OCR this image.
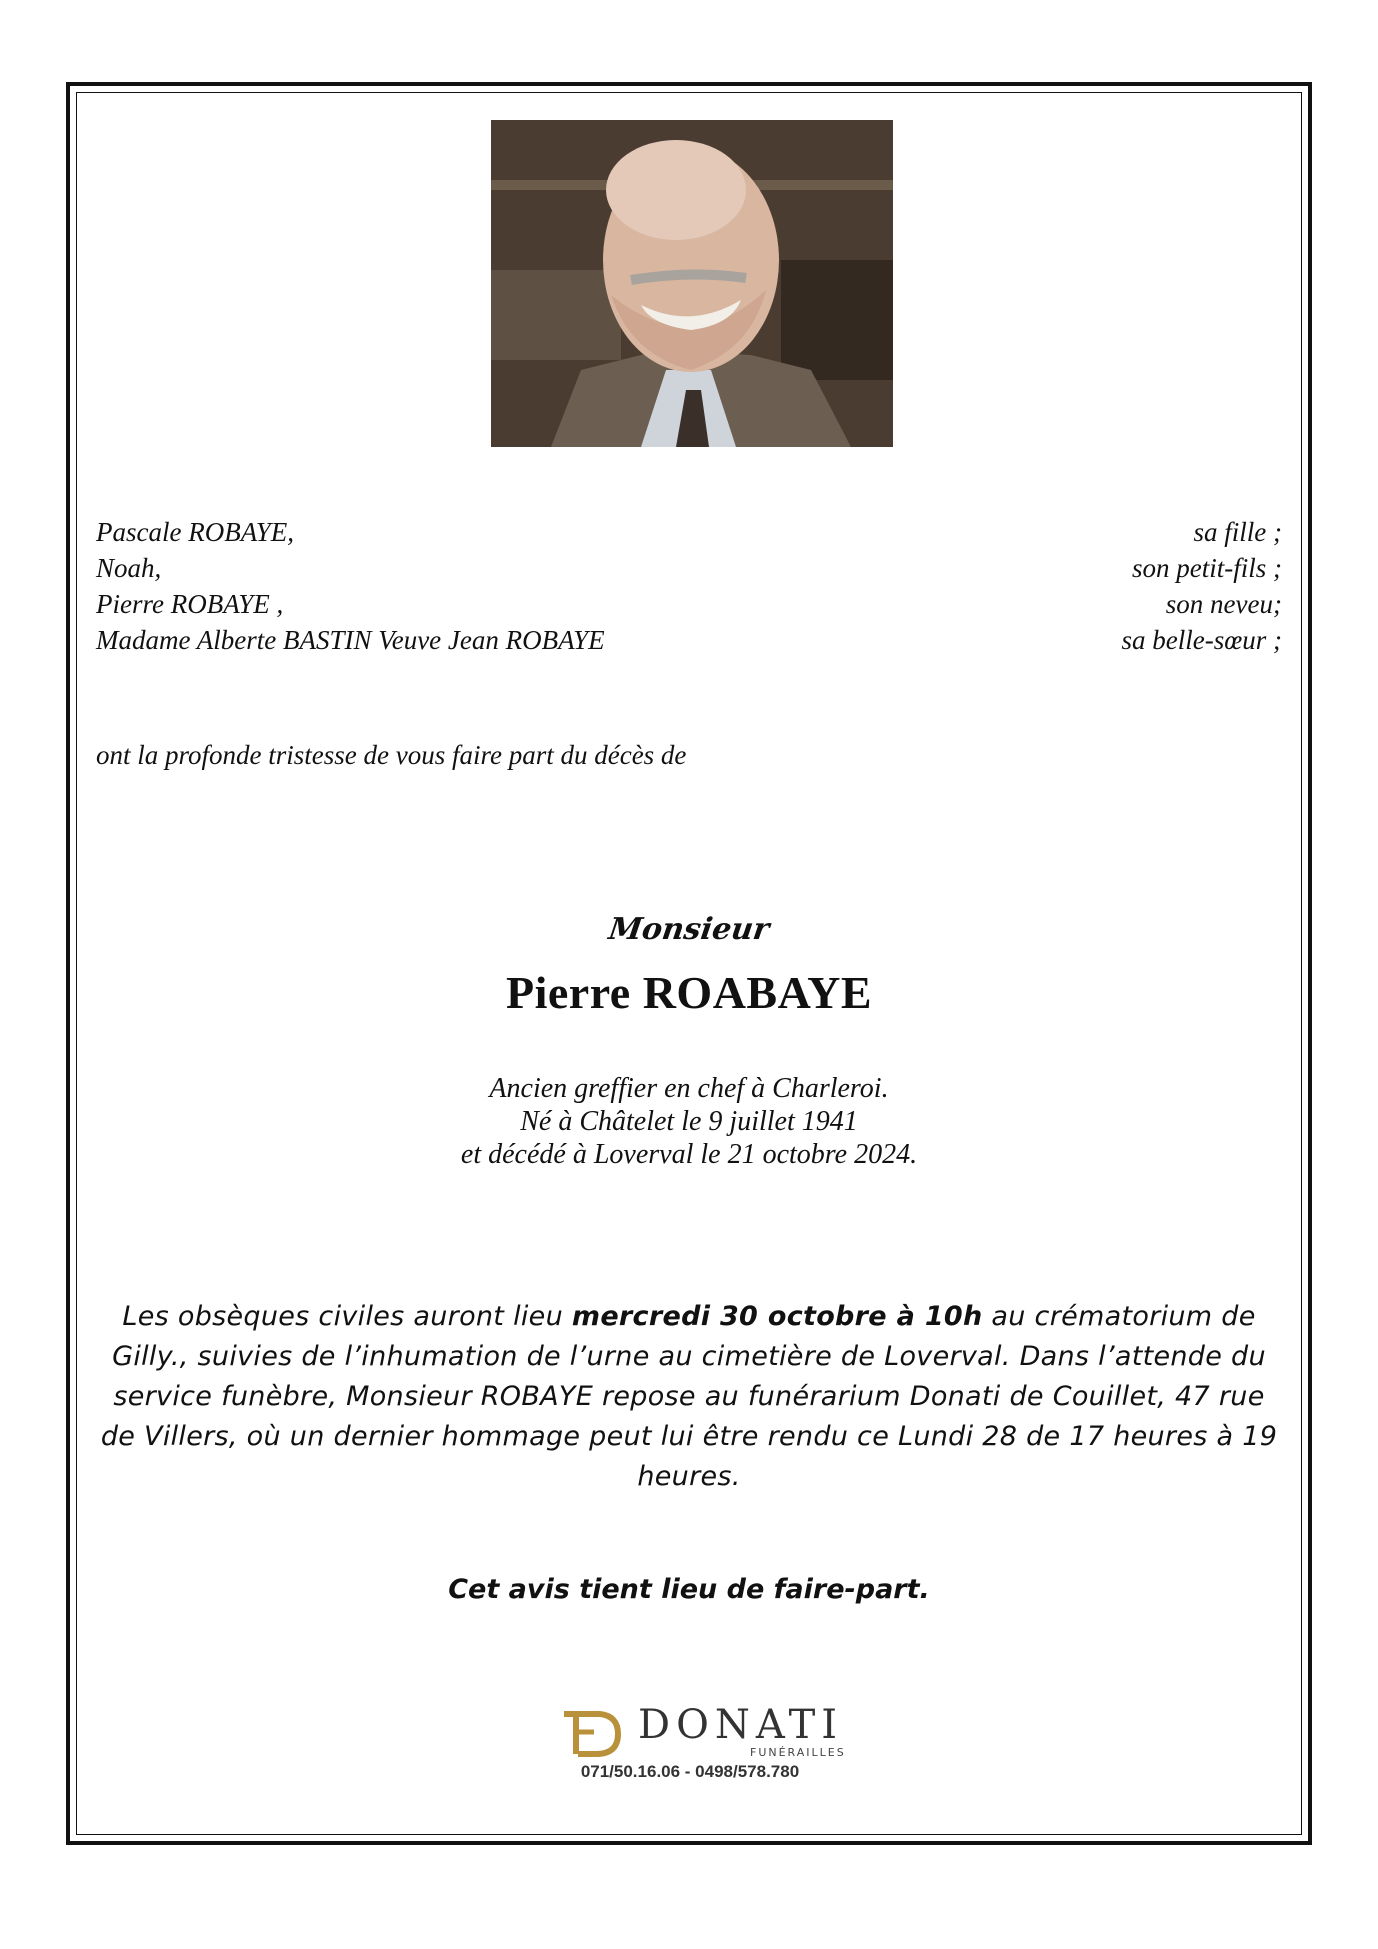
Pascale ROBAYE,	sa fille ;
Noah,	son petit-fils ;
Pierre ROBAYE ,	son neveu;
Madame Alberte BASTIN Veuve Jean ROBAYE	sa belle-sœur ;
ont la profonde tristesse de vous faire part du décès de
Monsieur
Pierre ROABAYE
Ancien greffier en chef à Charleroi.
Né à Châtelet le 9 juillet 1941
et décédé à Loverval le 21 octobre 2024.
Les obsèques civiles auront lieu mercredi 30 octobre à 10h au crématorium de Gilly., suivies de l’inhumation de l’urne au cimetière de Loverval. Dans l’attende du service funèbre, Monsieur ROBAYE repose au funérarium Donati de Couillet, 47 rue de Villers, où un dernier hommage peut lui être rendu ce Lundi 28 de 17 heures à 19 heures.
Cet avis tient lieu de faire-part.
DONATI
FUNÉRAILLES
071/50.16.06 - 0498/578.780
